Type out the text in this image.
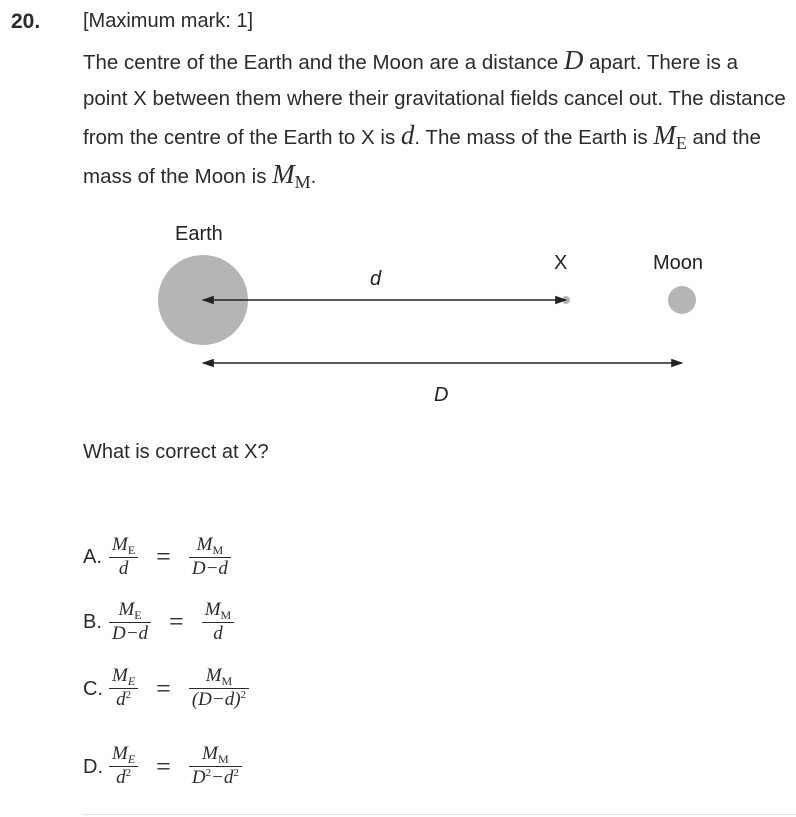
20. [Maximum mark: 1]
The centre of the Earth and the Moon are a distance D apart. There is a point X between them where their gravitational fields cancel out. The distance from the centre of the Earth to X is d. The mass of the Earth is ME and the mass of the Moon is MM.
Earth
X	Moon
d
D
What is correct at X?
A. $\frac{M_E}{d} = \frac{M_M}{D-d}$
B. $\frac{M_E}{D-d} = \frac{M_M}{d}$
C. $\frac{M_E}{d^2} = \frac{M_M}{(D-d)^2}$
D. $\frac{M_E}{d^2} = \frac{M_M}{D^2-d^2}$
